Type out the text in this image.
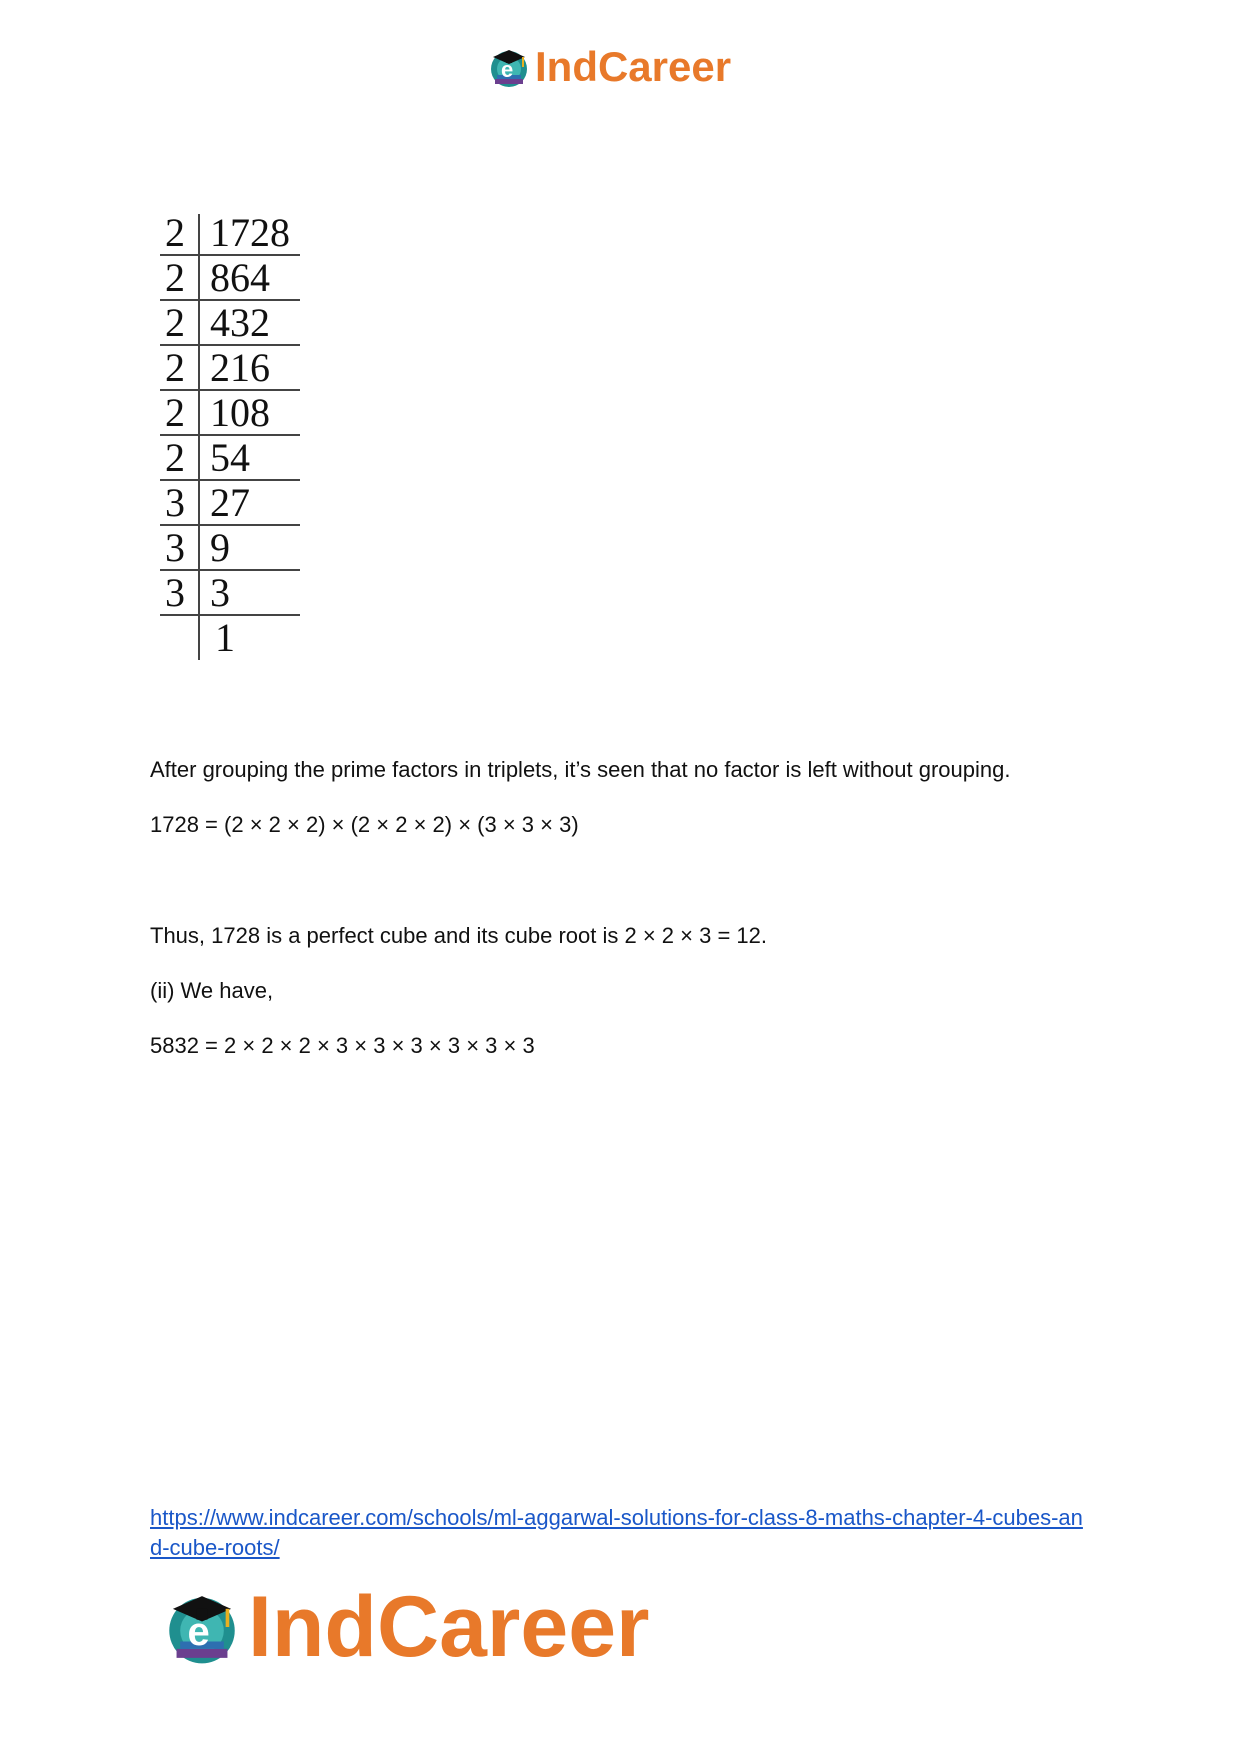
e IndCareer
2 1728
2 864
2 432
2 216
2 108
2 54
3 27
3 9
3 3
1
After grouping the prime factors in triplets, it’s seen that no factor is left without grouping.
1728 = (2 × 2 × 2) × (2 × 2 × 2) × (3 × 3 × 3)
Thus, 1728 is a perfect cube and its cube root is 2 × 2 × 3 = 12.
(ii) We have,
5832 = 2 × 2 × 2 × 3 × 3 × 3 × 3 × 3 × 3
https://www.indcareer.com/schools/ml-aggarwal-solutions-for-class-8-maths-chapter-4-cubes-and-cube-roots/
e IndCareer
